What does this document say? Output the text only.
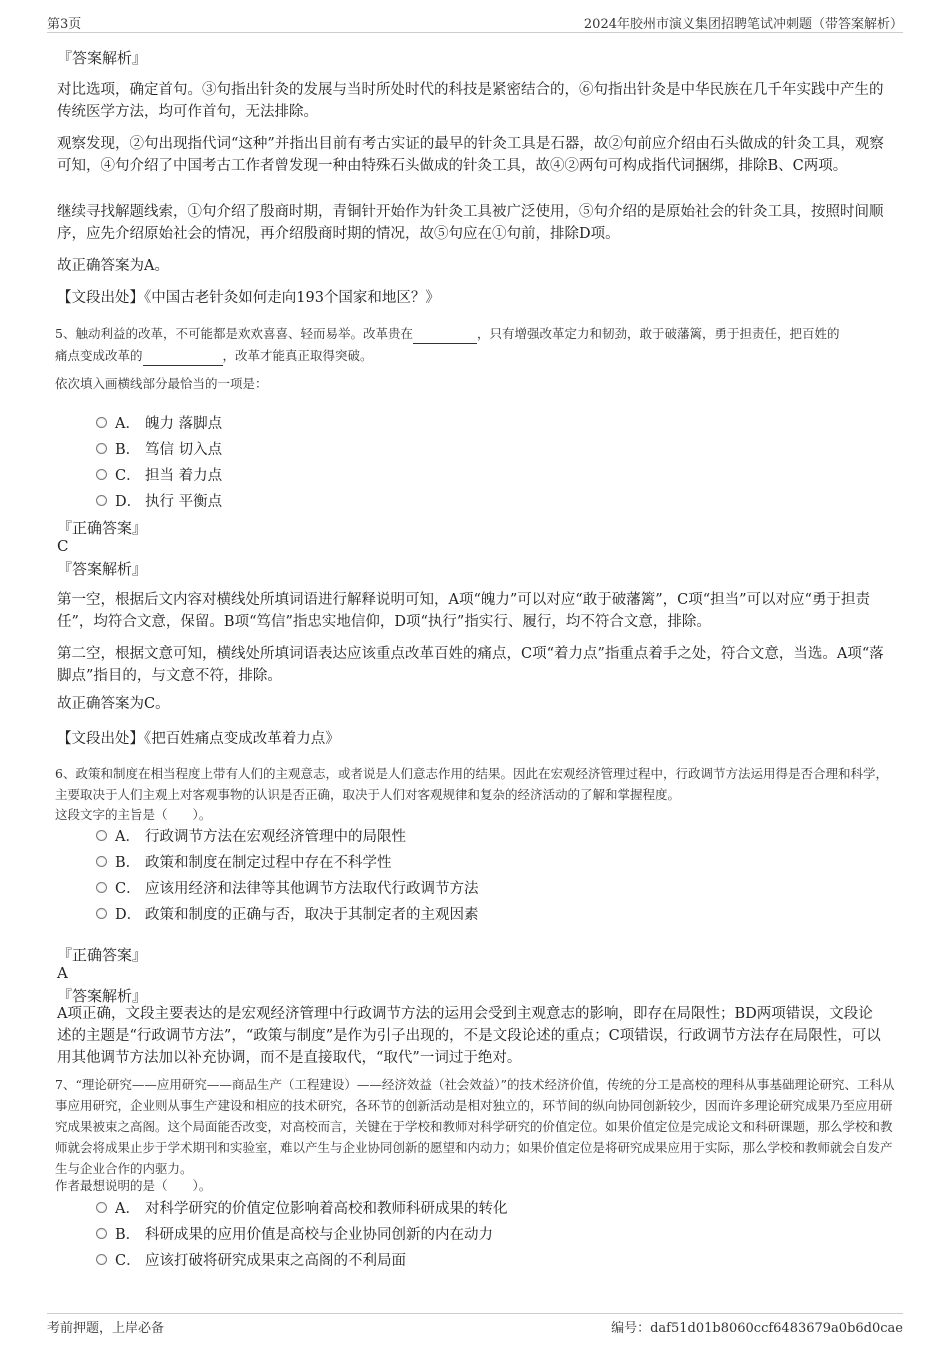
第3页	2024年胶州市演义集团招聘笔试冲刺题（带答案解析）
『答案解析』

对比选项，确定首句。③句指出针灸的发展与当时所处时代的科技是紧密结合的，⑥句指出针灸是中华民族在几千年实践中产生的传统医学方法，均可作首句，无法排除。

观察发现，②句出现指代词“这种”并指出目前有考古实证的最早的针灸工具是石器，故②句前应介绍由石头做成的针灸工具，观察可知，④句介绍了中国考古工作者曾发现一种由特殊石头做成的针灸工具，故④②两句可构成指代词捆绑，排除B、C两项。

继续寻找解题线索，①句介绍了殷商时期，青铜针开始作为针灸工具被广泛使用，⑤句介绍的是原始社会的针灸工具，按照时间顺序，应先介绍原始社会的情况，再介绍殷商时期的情况，故⑤句应在①句前，排除D项。

故正确答案为A。

【文段出处】《中国古老针灸如何走向193个国家和地区？》

5、触动利益的改革，不可能都是欢欢喜喜、轻而易举。改革贵在	，只有增强改革定力和韧劲，敢于破藩篱，勇于担责任，把百姓的
痛点变成改革的	，改革才能真正取得突破。
依次填入画横线部分最恰当的一项是：
A． 魄力 落脚点
B． 笃信 切入点
C． 担当 着力点
D． 执行 平衡点
『正确答案』
C
『答案解析』

第一空，根据后文内容对横线处所填词语进行解释说明可知，A项“魄力”可以对应“敢于破藩篱”，C项“担当”可以对应“勇于担责任”，均符合文意，保留。B项“笃信”指忠实地信仰，D项“执行”指实行、履行，均不符合文意，排除。

第二空，根据文意可知，横线处所填词语表达应该重点改革百姓的痛点，C项“着力点”指重点着手之处，符合文意，当选。A项“落脚点”指目的，与文意不符，排除。

故正确答案为C。

【文段出处】《把百姓痛点变成改革着力点》

6、政策和制度在相当程度上带有人们的主观意志，或者说是人们意志作用的结果。因此在宏观经济管理过程中，行政调节方法运用得是否合理和科学，主要取决于人们主观上对客观事物的认识是否正确，取决于人们对客观规律和复杂的经济活动的了解和掌握程度。
这段文字的主旨是（　　）。
A． 行政调节方法在宏观经济管理中的局限性
B． 政策和制度在制定过程中存在不科学性
C． 应该用经济和法律等其他调节方法取代行政调节方法
D． 政策和制度的正确与否，取决于其制定者的主观因素
『正确答案』
A
『答案解析』

A项正确，文段主要表达的是宏观经济管理中行政调节方法的运用会受到主观意志的影响，即存在局限性；BD两项错误，文段论述的主题是“行政调节方法”，“政策与制度”是作为引子出现的，不是文段论述的重点；C项错误，行政调节方法存在局限性，可以用其他调节方法加以补充协调，而不是直接取代，“取代”一词过于绝对。

7、“理论研究——应用研究——商品生产（工程建设）——经济效益（社会效益）”的技术经济价值，传统的分工是高校的理科从事基础理论研究、工科从事应用研究，企业则从事生产建设和相应的技术研究，各环节的创新活动是相对独立的，环节间的纵向协同创新较少，因而许多理论研究成果乃至应用研究成果被束之高阁。这个局面能否改变，对高校而言，关键在于学校和教师对科学研究的价值定位。如果价值定位是完成论文和科研课题，那么学校和教师就会将成果止步于学术期刊和实验室，难以产生与企业协同创新的愿望和内动力；如果价值定位是将研究成果应用于实际，那么学校和教师就会自发产生与企业合作的内驱力。
作者最想说明的是（　　）。
A． 对科学研究的价值定位影响着高校和教师科研成果的转化
B． 科研成果的应用价值是高校与企业协同创新的内在动力
C． 应该打破将研究成果束之高阁的不利局面
考前押题，上岸必备	编号：daf51d01b8060ccf6483679a0b6d0cae
